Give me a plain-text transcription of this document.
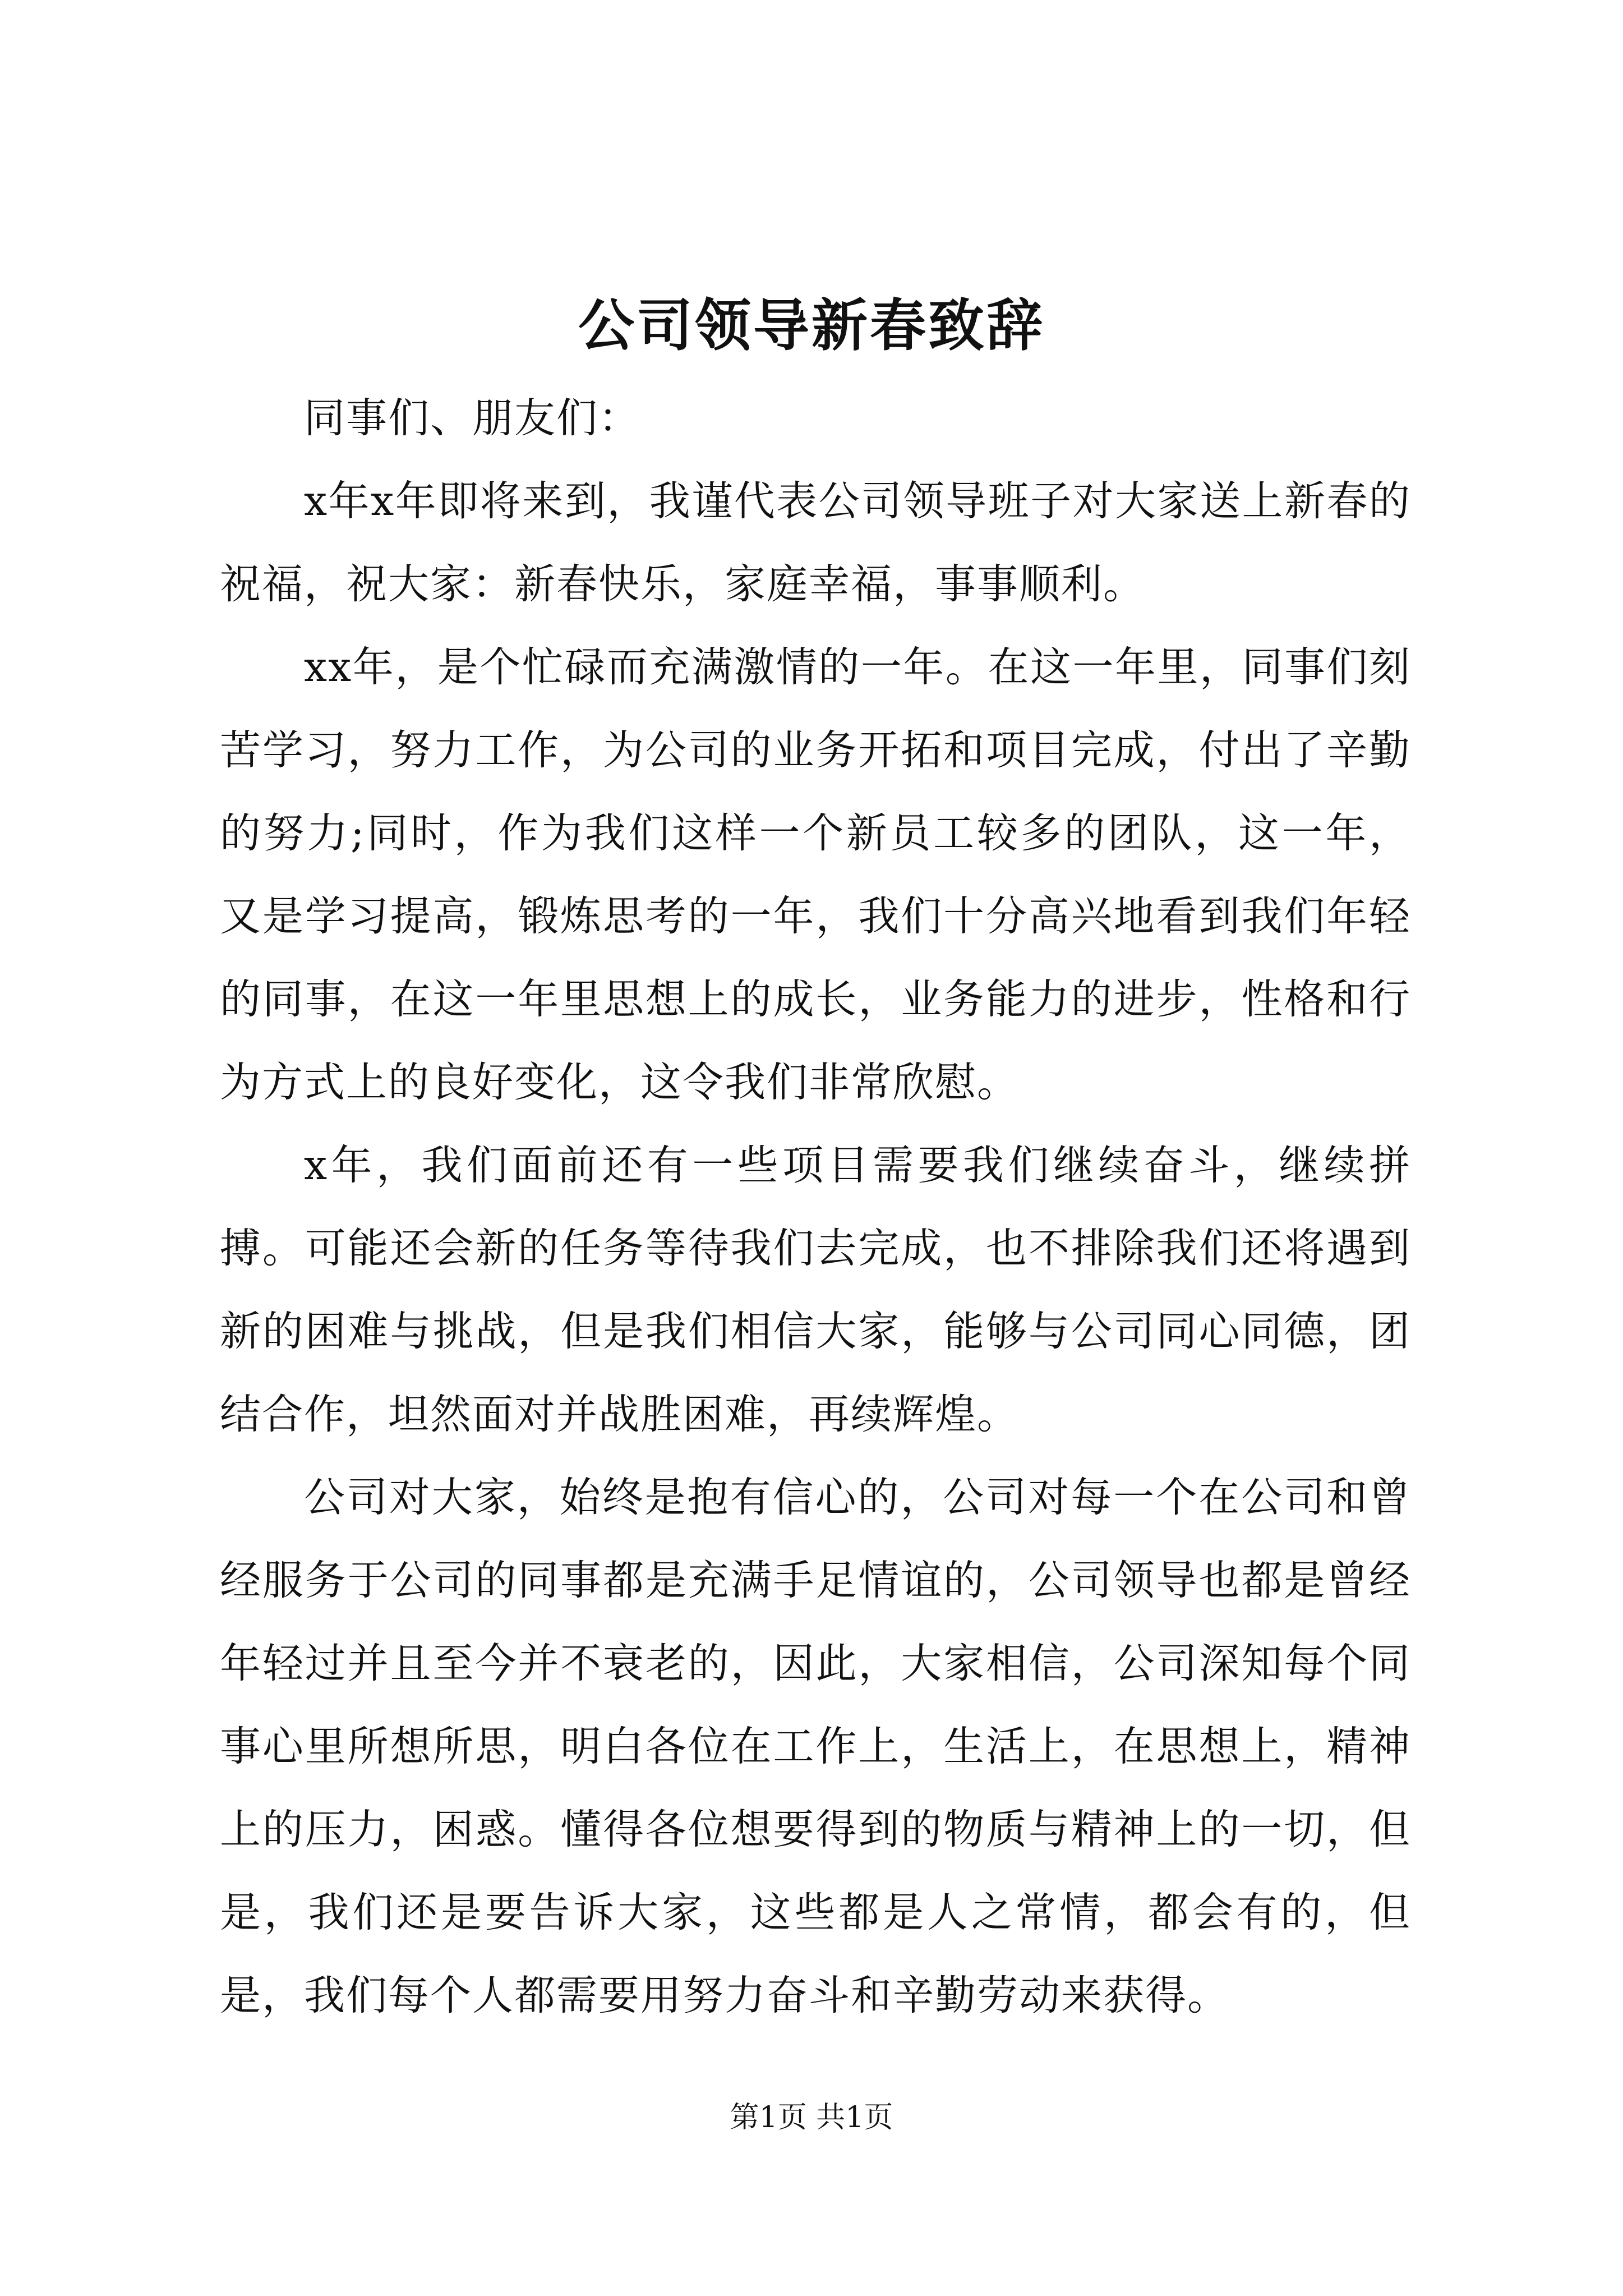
公司领导新春致辞

同事们、朋友们：

x年x年即将来到，我谨代表公司领导班子对大家送上新春的祝福，祝大家：新春快乐，家庭幸福，事事顺利。

xx年，是个忙碌而充满激情的一年。在这一年里，同事们刻苦学习，努力工作，为公司的业务开拓和项目完成，付出了辛勤的努力;同时，作为我们这样一个新员工较多的团队，这一年，又是学习提高，锻炼思考的一年，我们十分高兴地看到我们年轻的同事，在这一年里思想上的成长，业务能力的进步，性格和行为方式上的良好变化，这令我们非常欣慰。

x年，我们面前还有一些项目需要我们继续奋斗，继续拼搏。可能还会新的任务等待我们去完成，也不排除我们还将遇到新的困难与挑战，但是我们相信大家，能够与公司同心同德，团结合作，坦然面对并战胜困难，再续辉煌。

公司对大家，始终是抱有信心的，公司对每一个在公司和曾经服务于公司的同事都是充满手足情谊的，公司领导也都是曾经年轻过并且至今并不衰老的，因此，大家相信，公司深知每个同事心里所想所思，明白各位在工作上，生活上，在思想上，精神上的压力，困惑。懂得各位想要得到的物质与精神上的一切，但是，我们还是要告诉大家，这些都是人之常情，都会有的，但是，我们每个人都需要用努力奋斗和辛勤劳动来获得。

第1页 共1页
